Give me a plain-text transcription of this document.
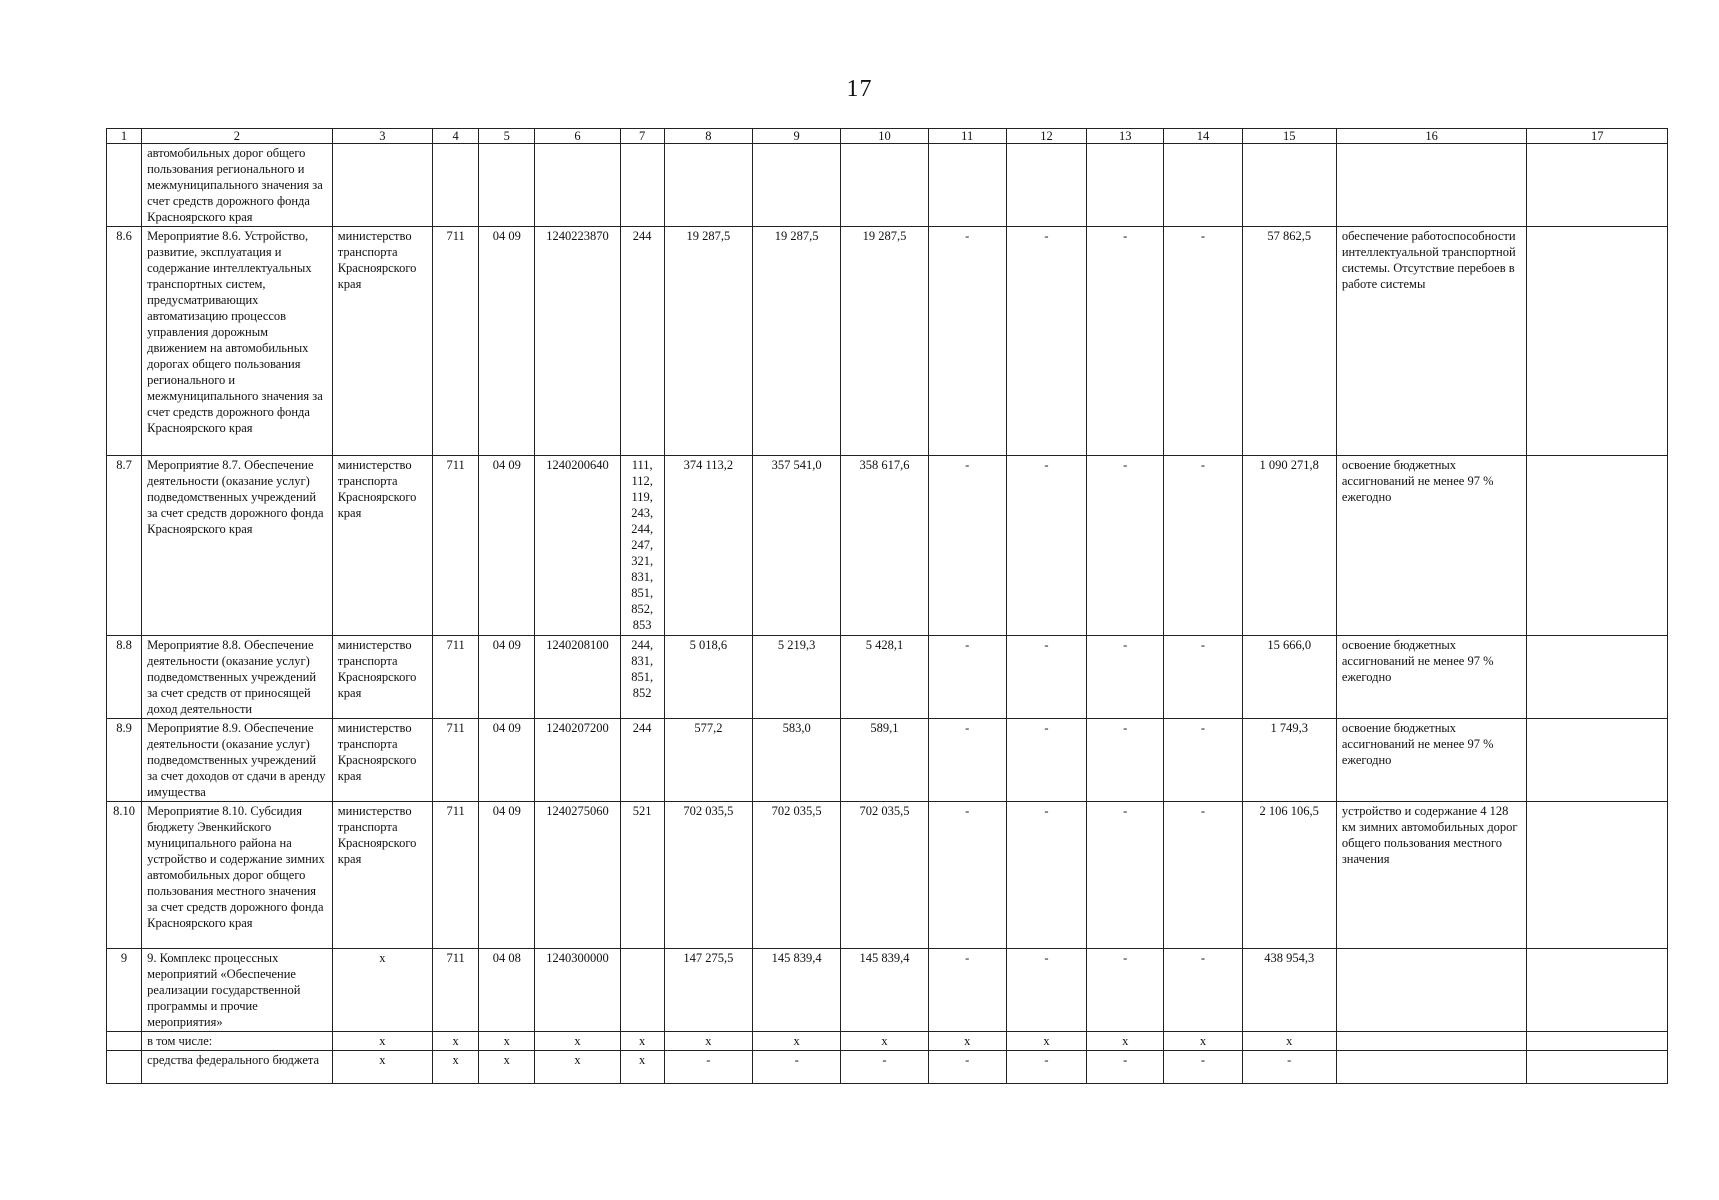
17
1	2	3	4	5	6	7	8	9	10	11	12	13	14	15	16	17
	автомобильных дорог общего пользования регионального и межмуниципального значения за счет средств дорожного фонда Красноярского края															
8.6	Мероприятие 8.6. Устройство, развитие, эксплуатация и содержание интеллектуальных транспортных систем, предусматривающих автоматизацию процессов управления дорожным движением на автомобильных дорогах общего пользования регионального и межмуниципального значения за счет средств дорожного фонда Красноярского края	министерство транспорта Красноярского края	711	04 09	1240223870	244	19 287,5	19 287,5	19 287,5	-	-	-	-	57 862,5	обеспечение работоспособности интеллектуальной транспортной системы. Отсутствие перебоев в работе системы	
8.7	Мероприятие 8.7. Обеспечение деятельности (оказание услуг) подведомственных учреждений за счет средств дорожного фонда Красноярского края	министерство транспорта Красноярского края	711	04 09	1240200640	111, 112, 119, 243, 244, 247, 321, 831, 851, 852, 853	374 113,2	357 541,0	358 617,6	-	-	-	-	1 090 271,8	освоение бюджетных ассигнований не менее 97 % ежегодно	
8.8	Мероприятие 8.8. Обеспечение деятельности (оказание услуг) подведомственных учреждений за счет средств от приносящей доход деятельности	министерство транспорта Красноярского края	711	04 09	1240208100	244, 831, 851, 852	5 018,6	5 219,3	5 428,1	-	-	-	-	15 666,0	освоение бюджетных ассигнований не менее 97 % ежегодно	
8.9	Мероприятие 8.9. Обеспечение деятельности (оказание услуг) подведомственных учреждений за счет доходов от сдачи в аренду имущества	министерство транспорта Красноярского края	711	04 09	1240207200	244	577,2	583,0	589,1	-	-	-	-	1 749,3	освоение бюджетных ассигнований не менее 97 % ежегодно	
8.10	Мероприятие 8.10. Субсидия бюджету Эвенкийского муниципального района на устройство и содержание зимних автомобильных дорог общего пользования местного значения за счет средств дорожного фонда Красноярского края	министерство транспорта Красноярского края	711	04 09	1240275060	521	702 035,5	702 035,5	702 035,5	-	-	-	-	2 106 106,5	устройство и содержание 4 128 км зимних автомобильных дорог общего пользования местного значения	
9	9. Комплекс процессных мероприятий «Обеспечение реализации государственной программы и прочие мероприятия»	x	711	04 08	1240300000		147 275,5	145 839,4	145 839,4	-	-	-	-	438 954,3		
	в том числе:	x	x	x	x	x	x	x	x	x	x	x	x	x		
	средства федерального бюджета	x	x	x	x	x	-	-	-	-	-	-	-	-		
